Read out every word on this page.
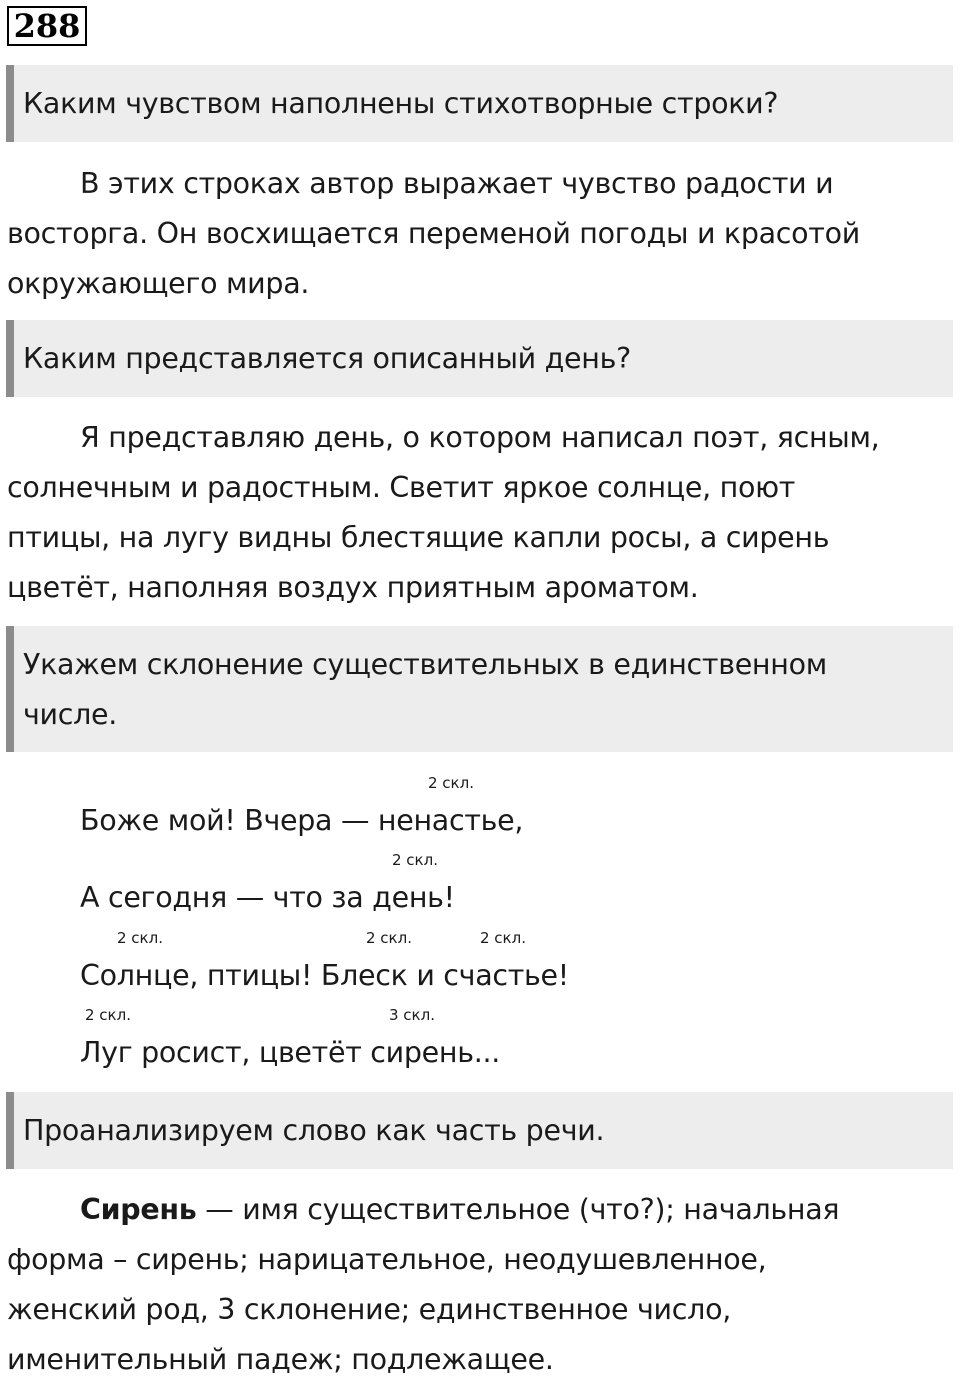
288
Каким чувством наполнены стихотворные строки?
В этих строках автор выражает чувство радости и
восторга. Он восхищается переменой погоды и красотой
окружающего мира.
Каким представляется описанный день?
Я представляю день, о котором написал поэт, ясным,
солнечным и радостным. Светит яркое солнце, поют
птицы, на лугу видны блестящие капли росы, а сирень
цветёт, наполняя воздух приятным ароматом.
Укажем склонение существительных в единственном
числе.
2 скл.
Боже мой! Вчера — ненастье,
2 скл.
А сегодня — что за день!
2 скл.	2 скл.	2 скл.
Солнце, птицы! Блеск и счастье!
2 скл.	3 скл.
Луг росист, цветёт сирень...
Проанализируем слово как часть речи.
Сирень — имя существительное (что?); начальная
форма – сирень; нарицательное, неодушевленное,
женский род, 3 склонение; единственное число,
именительный падеж; подлежащее.
